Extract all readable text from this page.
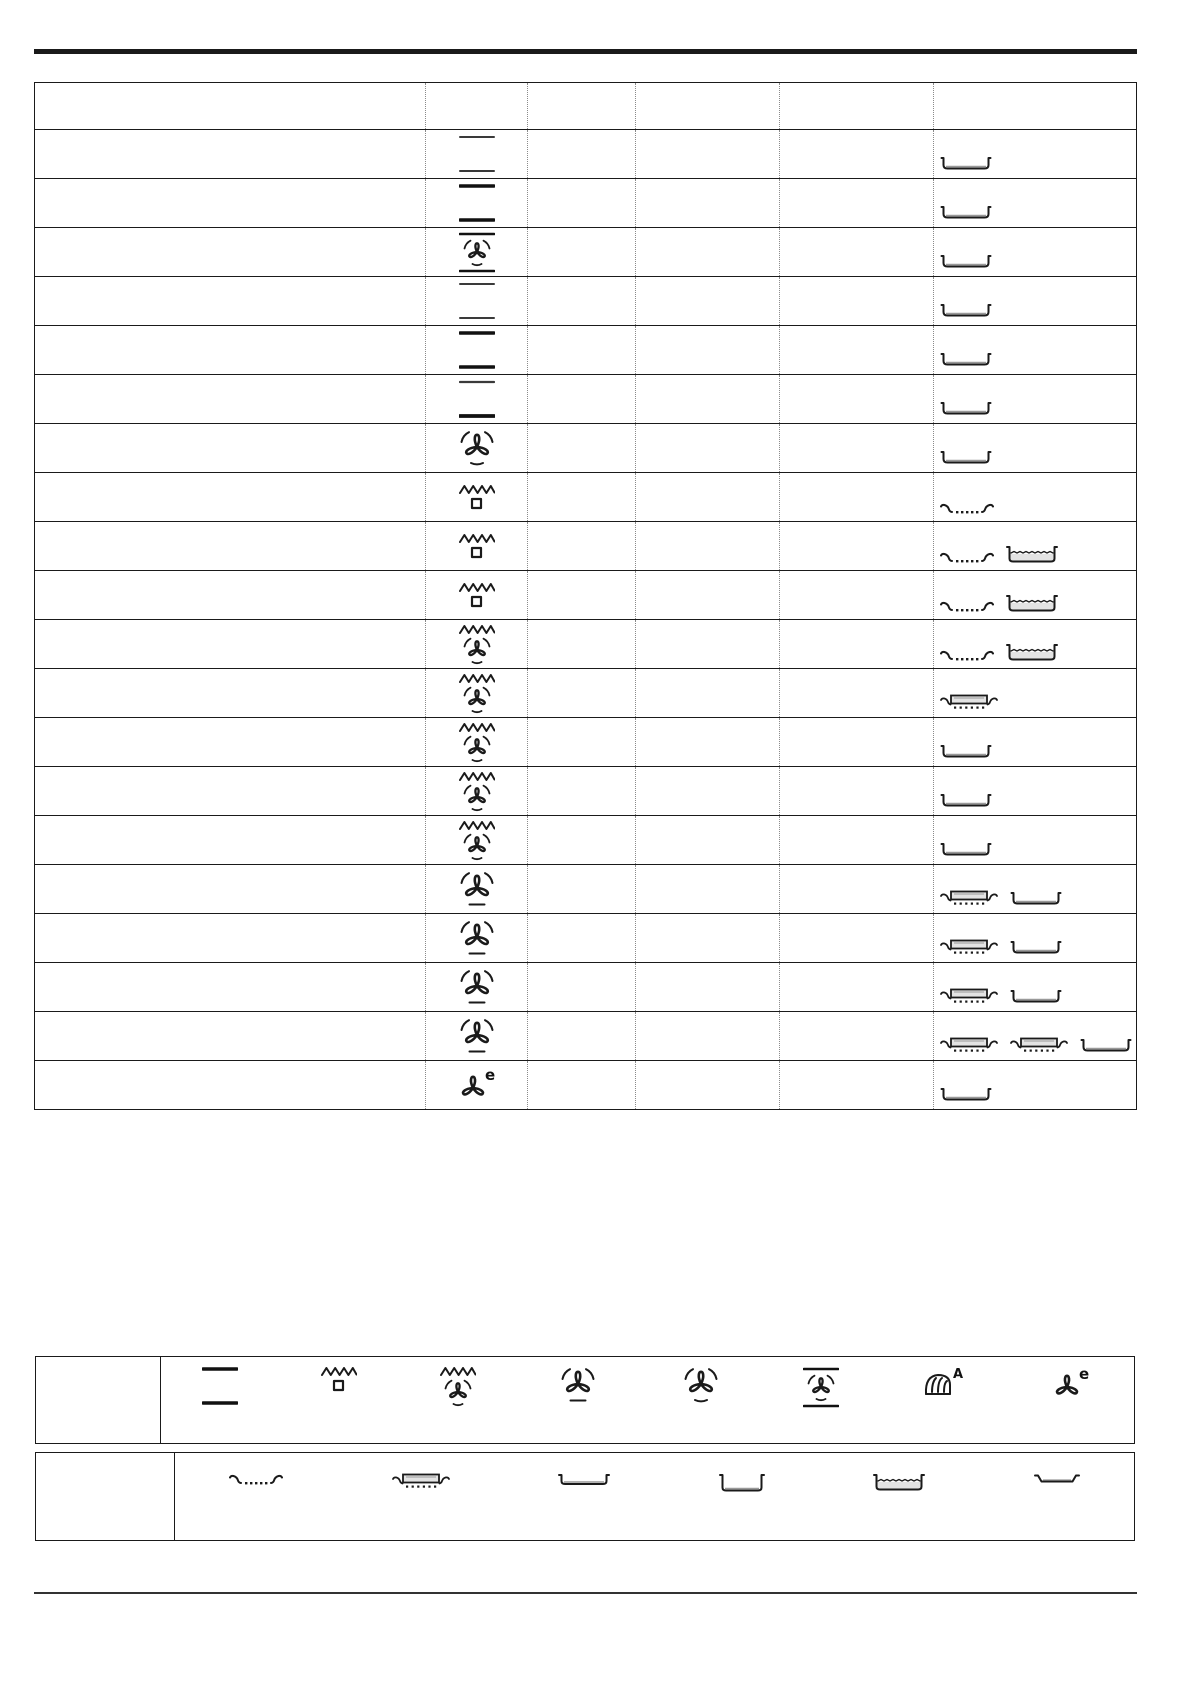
e
A	e
